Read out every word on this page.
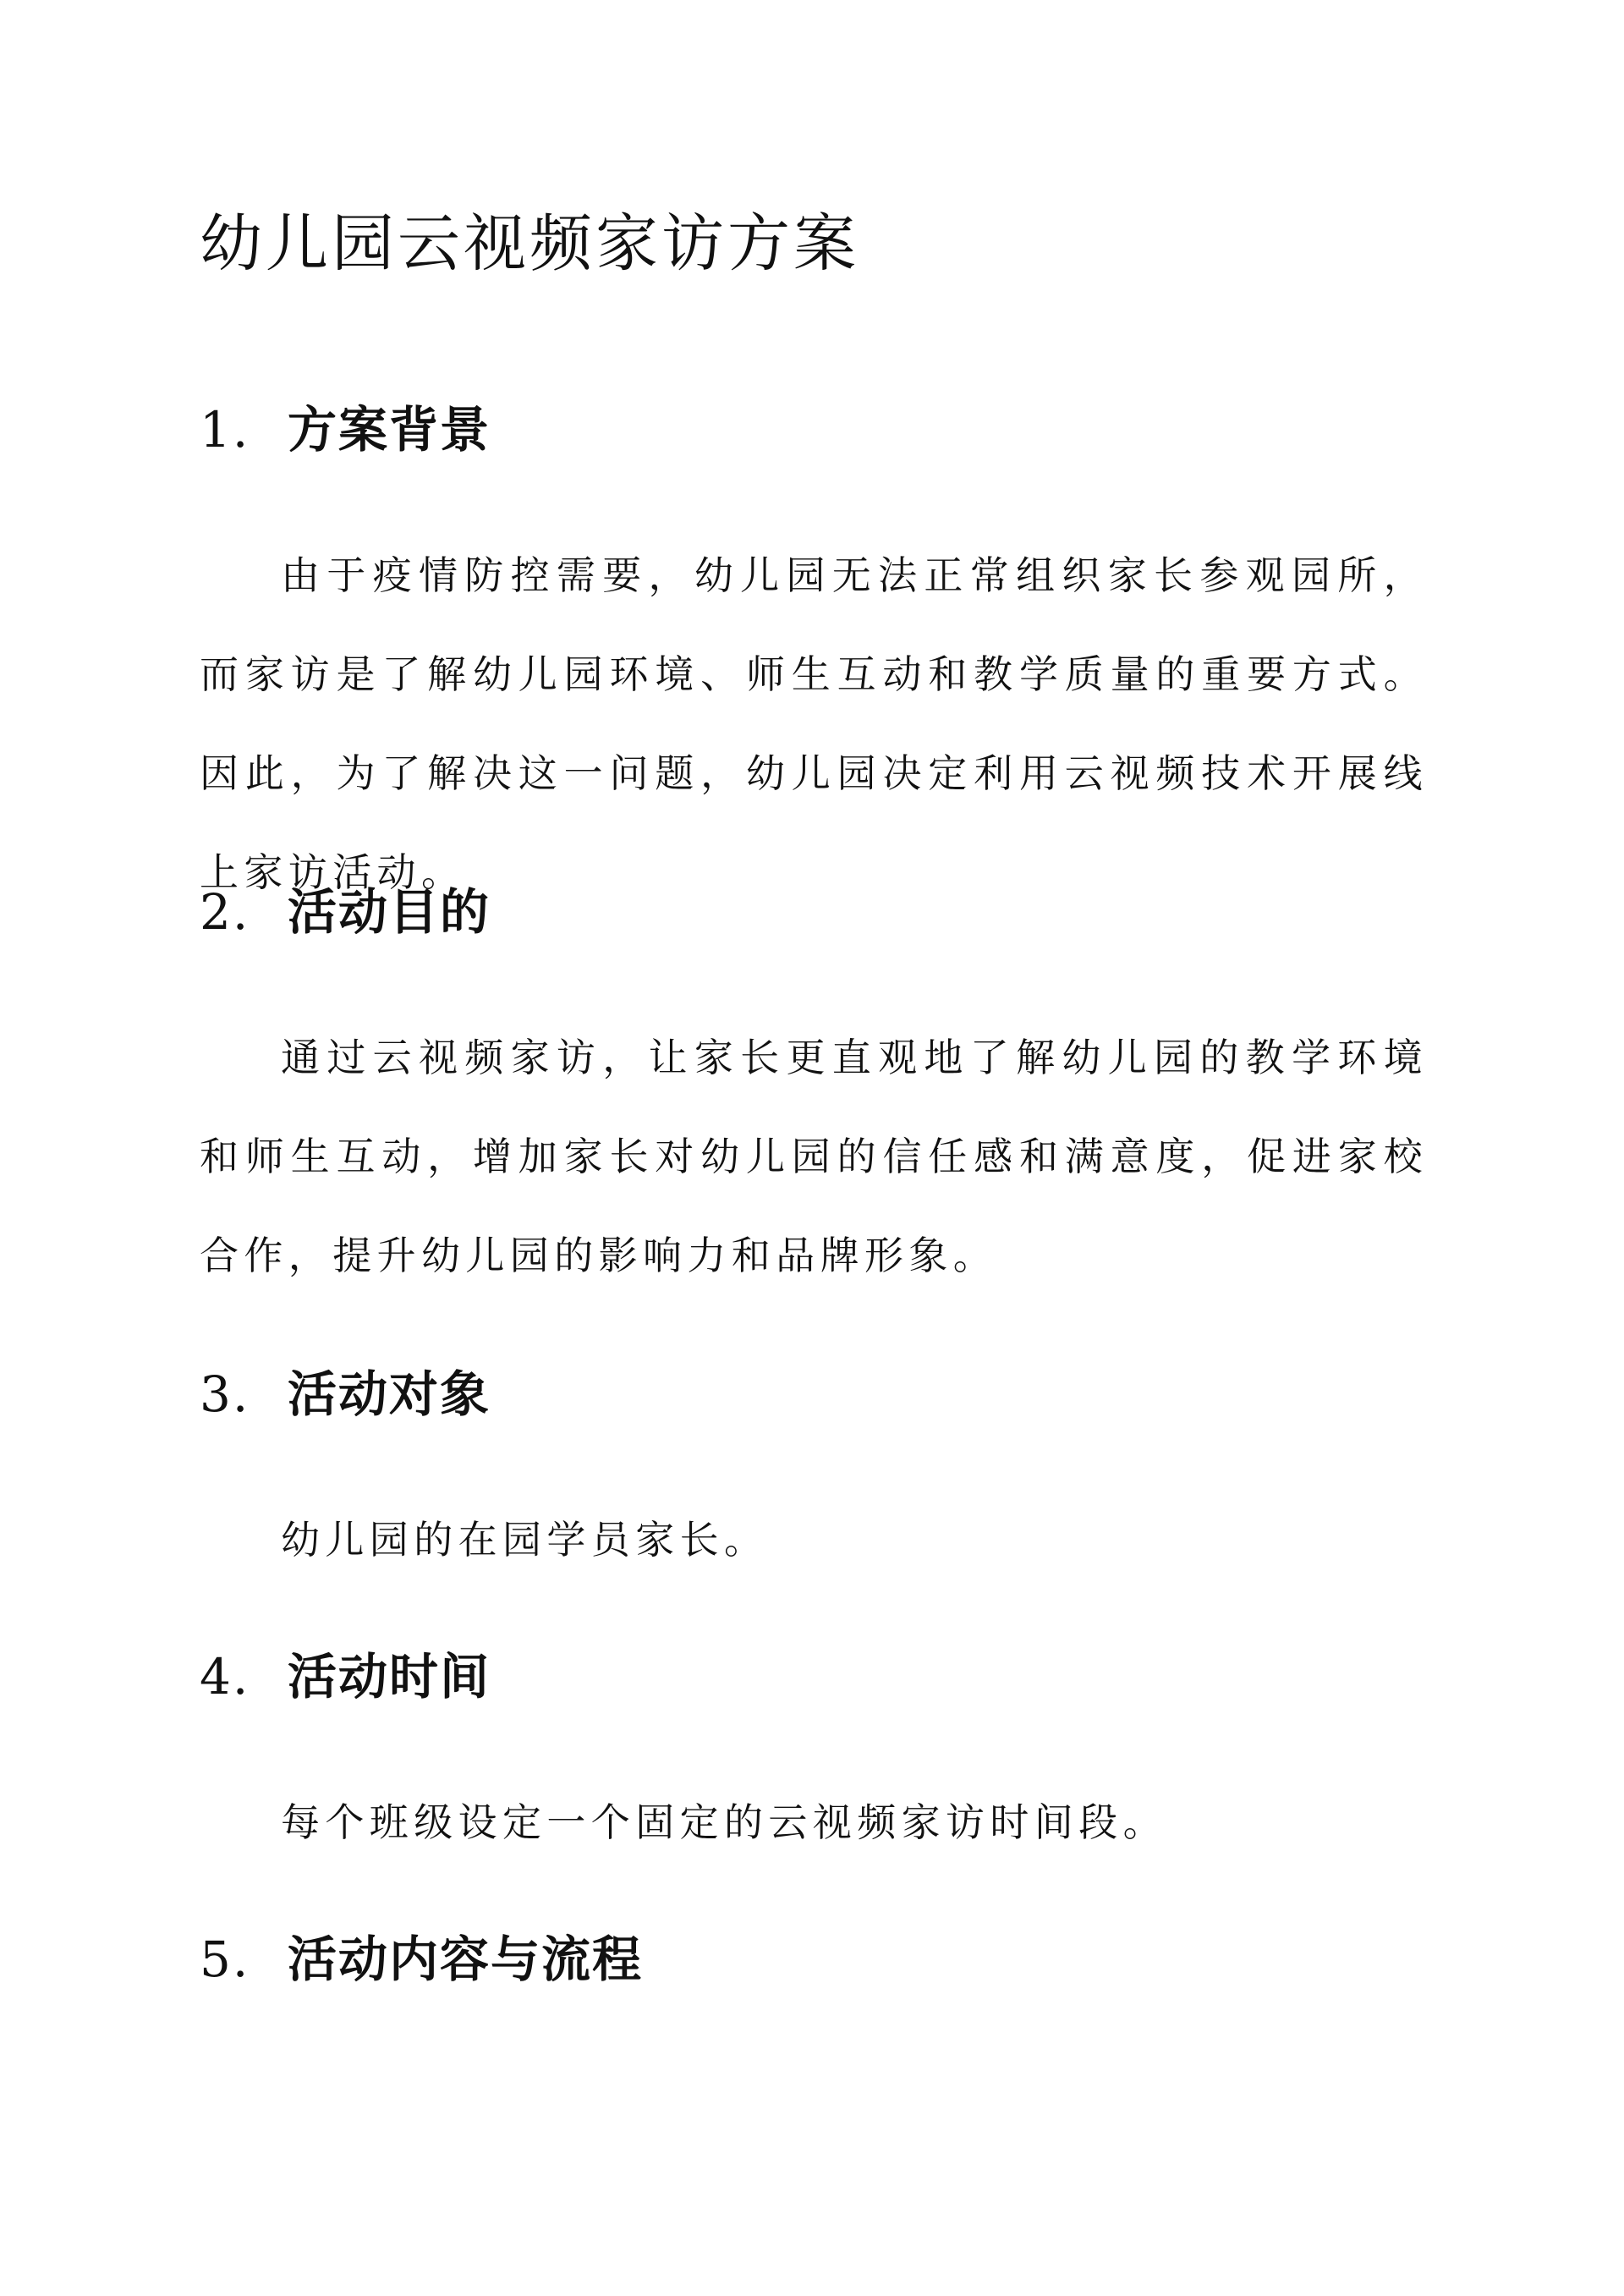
幼儿园云视频家访方案
1. 方案背景

由于疫情防控需要，幼儿园无法正常组织家长参观园所，而家访是了解幼儿园环境、师生互动和教学质量的重要方式。因此，为了解决这一问题，幼儿园决定利用云视频技术开展线上家访活动。

2. 活动目的

通过云视频家访，让家长更直观地了解幼儿园的教学环境和师生互动，增加家长对幼儿园的信任感和满意度，促进家校合作，提升幼儿园的影响力和品牌形象。

3. 活动对象

幼儿园的在园学员家长。

4. 活动时间

每个班级设定一个固定的云视频家访时间段。

5. 活动内容与流程
